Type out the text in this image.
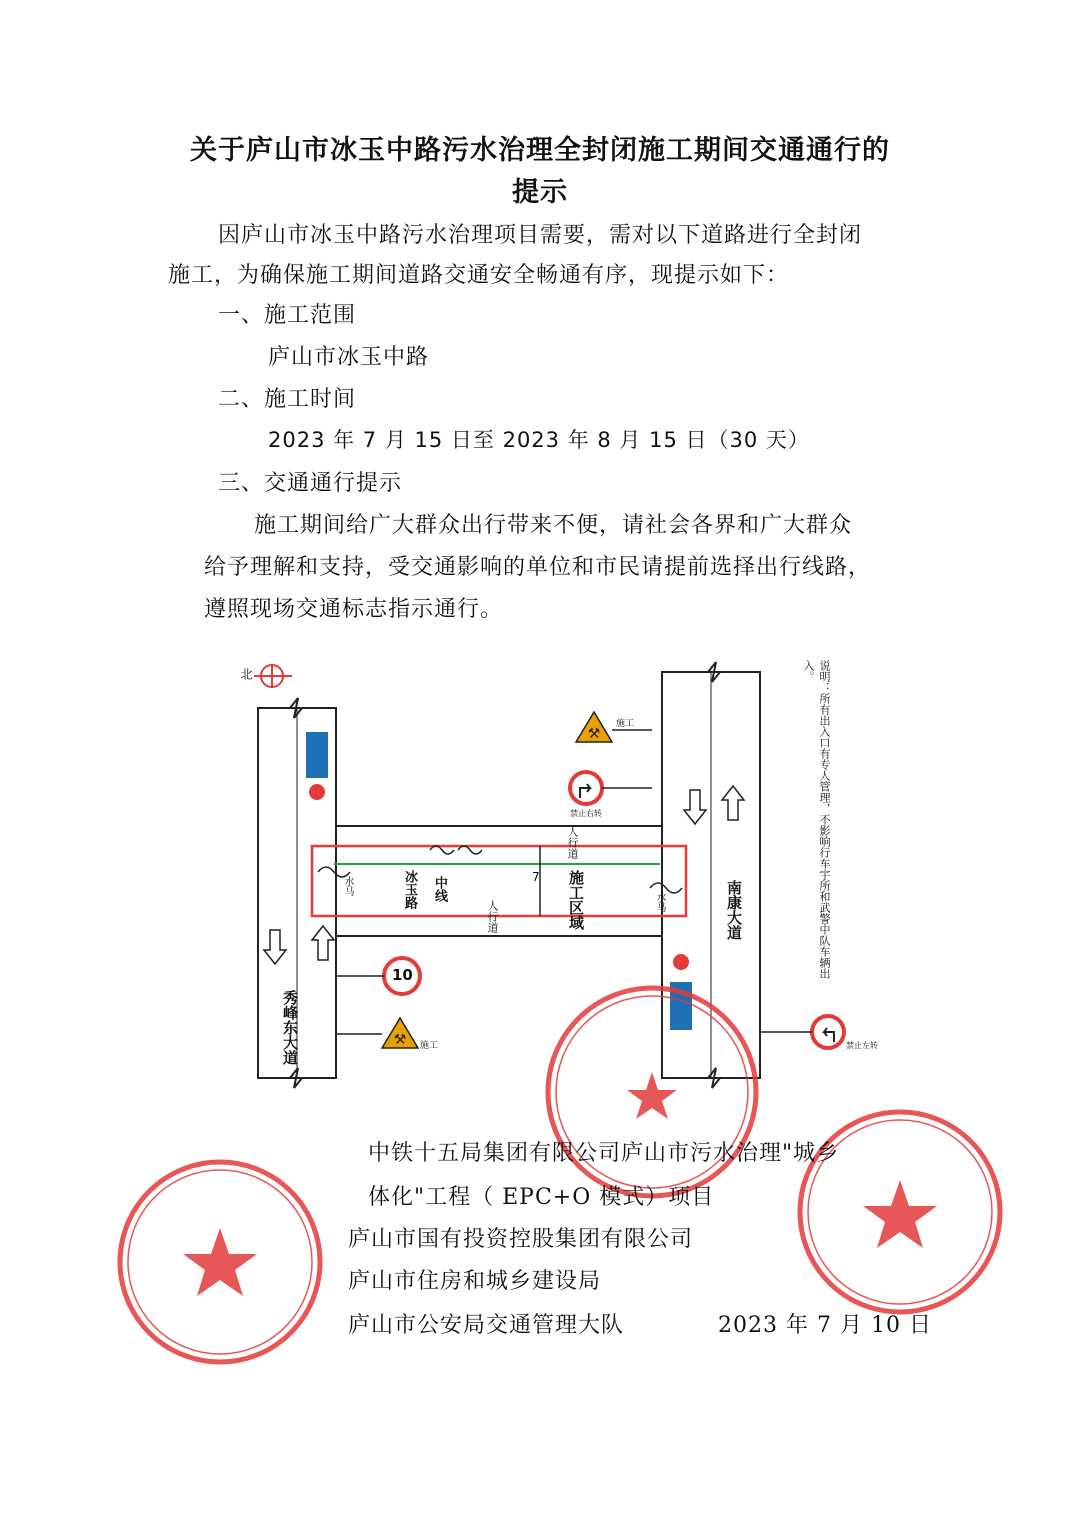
关于庐山市冰玉中路污水治理全封闭施工期间交通通行的
提示
因庐山市冰玉中路污水治理项目需要，需对以下道路进行全封闭
施工，为确保施工期间道路交通安全畅通有序，现提示如下：
一、施工范围
庐山市冰玉中路
二、施工时间
2023 年 7 月 15 日至 2023 年 8 月 15 日（30 天）
三、交通通行提示
施工期间给广大群众出行带来不便，请社会各界和广大群众
给予理解和支持，受交通影响的单位和市民请提前选择出行线路，
遵照现场交通标志指示通行。
⚒
⚒
北
秀峰东大道
南康大道
冰玉路 中线	施工区域
人行道
人行道
7
10
水马
水马
施工
施工
禁止右转
禁止左转
说明：所有出入口有专人管理，不影响行车宇所和武警中队车辆出入。
中铁十五局集团有限公司庐山市污水治理"城乡
体化"工程（ EPC+O 模式）项目
庐山市国有投资控股集团有限公司
庐山市住房和城乡建设局
庐山市公安局交通管理大队	2023 年 7 月 10 日
